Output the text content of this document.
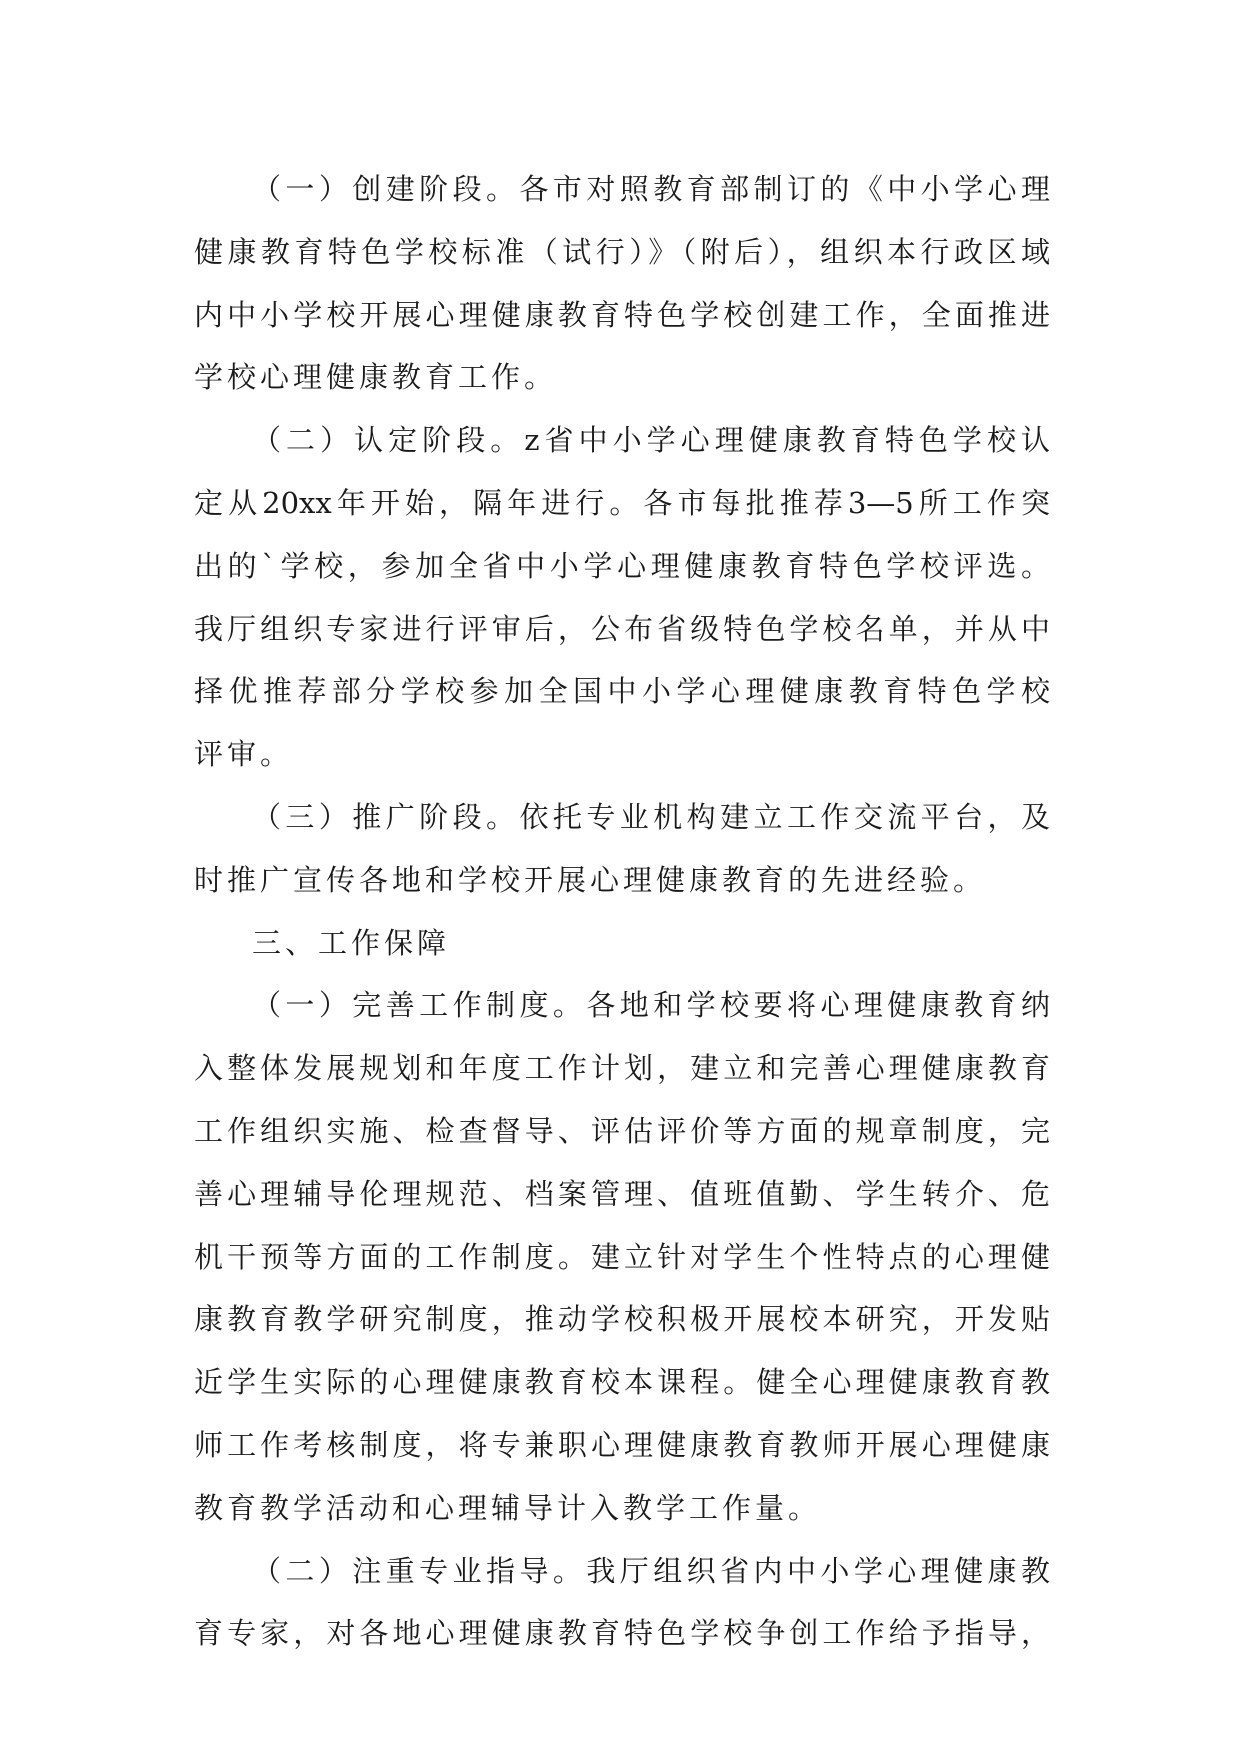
（一）创建阶段。各市对照教育部制订的《中小学心理
健康教育特色学校标准（试行）》（附后），组织本行政区域
内中小学校开展心理健康教育特色学校创建工作，全面推进
学校心理健康教育工作。
（二）认定阶段。z省中小学心理健康教育特色学校认
定从20xx年开始，隔年进行。各市每批推荐3—5所工作突
出的`学校，参加全省中小学心理健康教育特色学校评选。
我厅组织专家进行评审后，公布省级特色学校名单，并从中
择优推荐部分学校参加全国中小学心理健康教育特色学校
评审。
（三）推广阶段。依托专业机构建立工作交流平台，及
时推广宣传各地和学校开展心理健康教育的先进经验。
三、工作保障
（一）完善工作制度。各地和学校要将心理健康教育纳
入整体发展规划和年度工作计划，建立和完善心理健康教育
工作组织实施、检查督导、评估评价等方面的规章制度，完
善心理辅导伦理规范、档案管理、值班值勤、学生转介、危
机干预等方面的工作制度。建立针对学生个性特点的心理健
康教育教学研究制度，推动学校积极开展校本研究，开发贴
近学生实际的心理健康教育校本课程。健全心理健康教育教
师工作考核制度，将专兼职心理健康教育教师开展心理健康
教育教学活动和心理辅导计入教学工作量。
（二）注重专业指导。我厅组织省内中小学心理健康教
育专家，对各地心理健康教育特色学校争创工作给予指导，
